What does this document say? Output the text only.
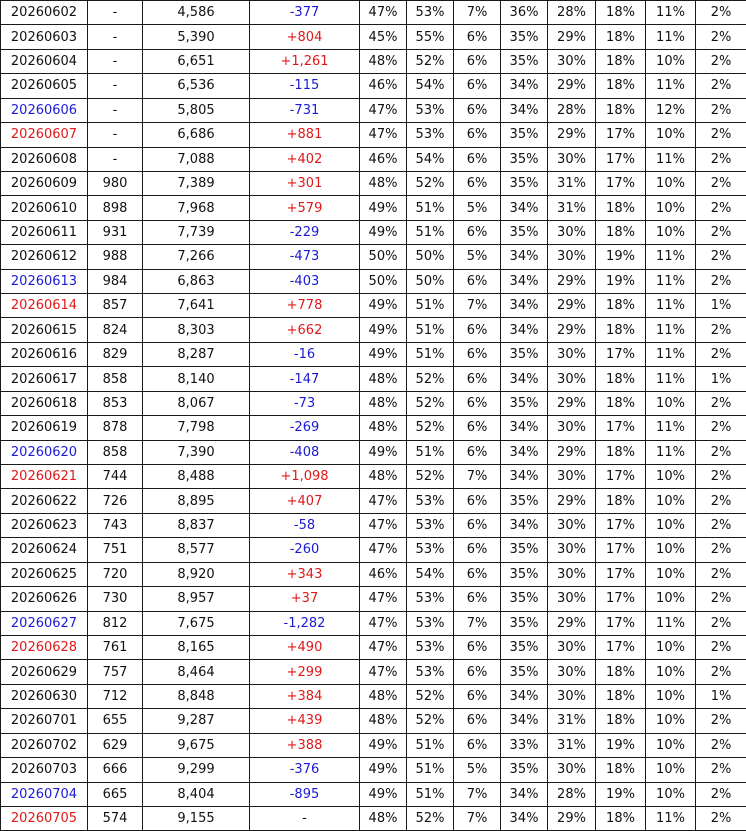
20260602	-	4,586	-377	47%	53%	7%	36%	28%	18%	11%	2%
20260603	-	5,390	+804	45%	55%	6%	35%	29%	18%	11%	2%
20260604	-	6,651	+1,261	48%	52%	6%	35%	30%	18%	10%	2%
20260605	-	6,536	-115	46%	54%	6%	34%	29%	18%	11%	2%
20260606	-	5,805	-731	47%	53%	6%	34%	28%	18%	12%	2%
20260607	-	6,686	+881	47%	53%	6%	35%	29%	17%	10%	2%
20260608	-	7,088	+402	46%	54%	6%	35%	30%	17%	11%	2%
20260609	980	7,389	+301	48%	52%	6%	35%	31%	17%	10%	2%
20260610	898	7,968	+579	49%	51%	5%	34%	31%	18%	10%	2%
20260611	931	7,739	-229	49%	51%	6%	35%	30%	18%	10%	2%
20260612	988	7,266	-473	50%	50%	5%	34%	30%	19%	11%	2%
20260613	984	6,863	-403	50%	50%	6%	34%	29%	19%	11%	2%
20260614	857	7,641	+778	49%	51%	7%	34%	29%	18%	11%	1%
20260615	824	8,303	+662	49%	51%	6%	34%	29%	18%	11%	2%
20260616	829	8,287	-16	49%	51%	6%	35%	30%	17%	11%	2%
20260617	858	8,140	-147	48%	52%	6%	34%	30%	18%	11%	1%
20260618	853	8,067	-73	48%	52%	6%	35%	29%	18%	10%	2%
20260619	878	7,798	-269	48%	52%	6%	34%	30%	17%	11%	2%
20260620	858	7,390	-408	49%	51%	6%	34%	29%	18%	11%	2%
20260621	744	8,488	+1,098	48%	52%	7%	34%	30%	17%	10%	2%
20260622	726	8,895	+407	47%	53%	6%	35%	29%	18%	10%	2%
20260623	743	8,837	-58	47%	53%	6%	34%	30%	17%	10%	2%
20260624	751	8,577	-260	47%	53%	6%	35%	30%	17%	10%	2%
20260625	720	8,920	+343	46%	54%	6%	35%	30%	17%	10%	2%
20260626	730	8,957	+37	47%	53%	6%	35%	30%	17%	10%	2%
20260627	812	7,675	-1,282	47%	53%	7%	35%	29%	17%	11%	2%
20260628	761	8,165	+490	47%	53%	6%	35%	30%	17%	10%	2%
20260629	757	8,464	+299	47%	53%	6%	35%	30%	18%	10%	2%
20260630	712	8,848	+384	48%	52%	6%	34%	30%	18%	10%	1%
20260701	655	9,287	+439	48%	52%	6%	34%	31%	18%	10%	2%
20260702	629	9,675	+388	49%	51%	6%	33%	31%	19%	10%	2%
20260703	666	9,299	-376	49%	51%	5%	35%	30%	18%	10%	2%
20260704	665	8,404	-895	49%	51%	7%	34%	28%	19%	10%	2%
20260705	574	9,155	-	48%	52%	7%	34%	29%	18%	11%	2%
